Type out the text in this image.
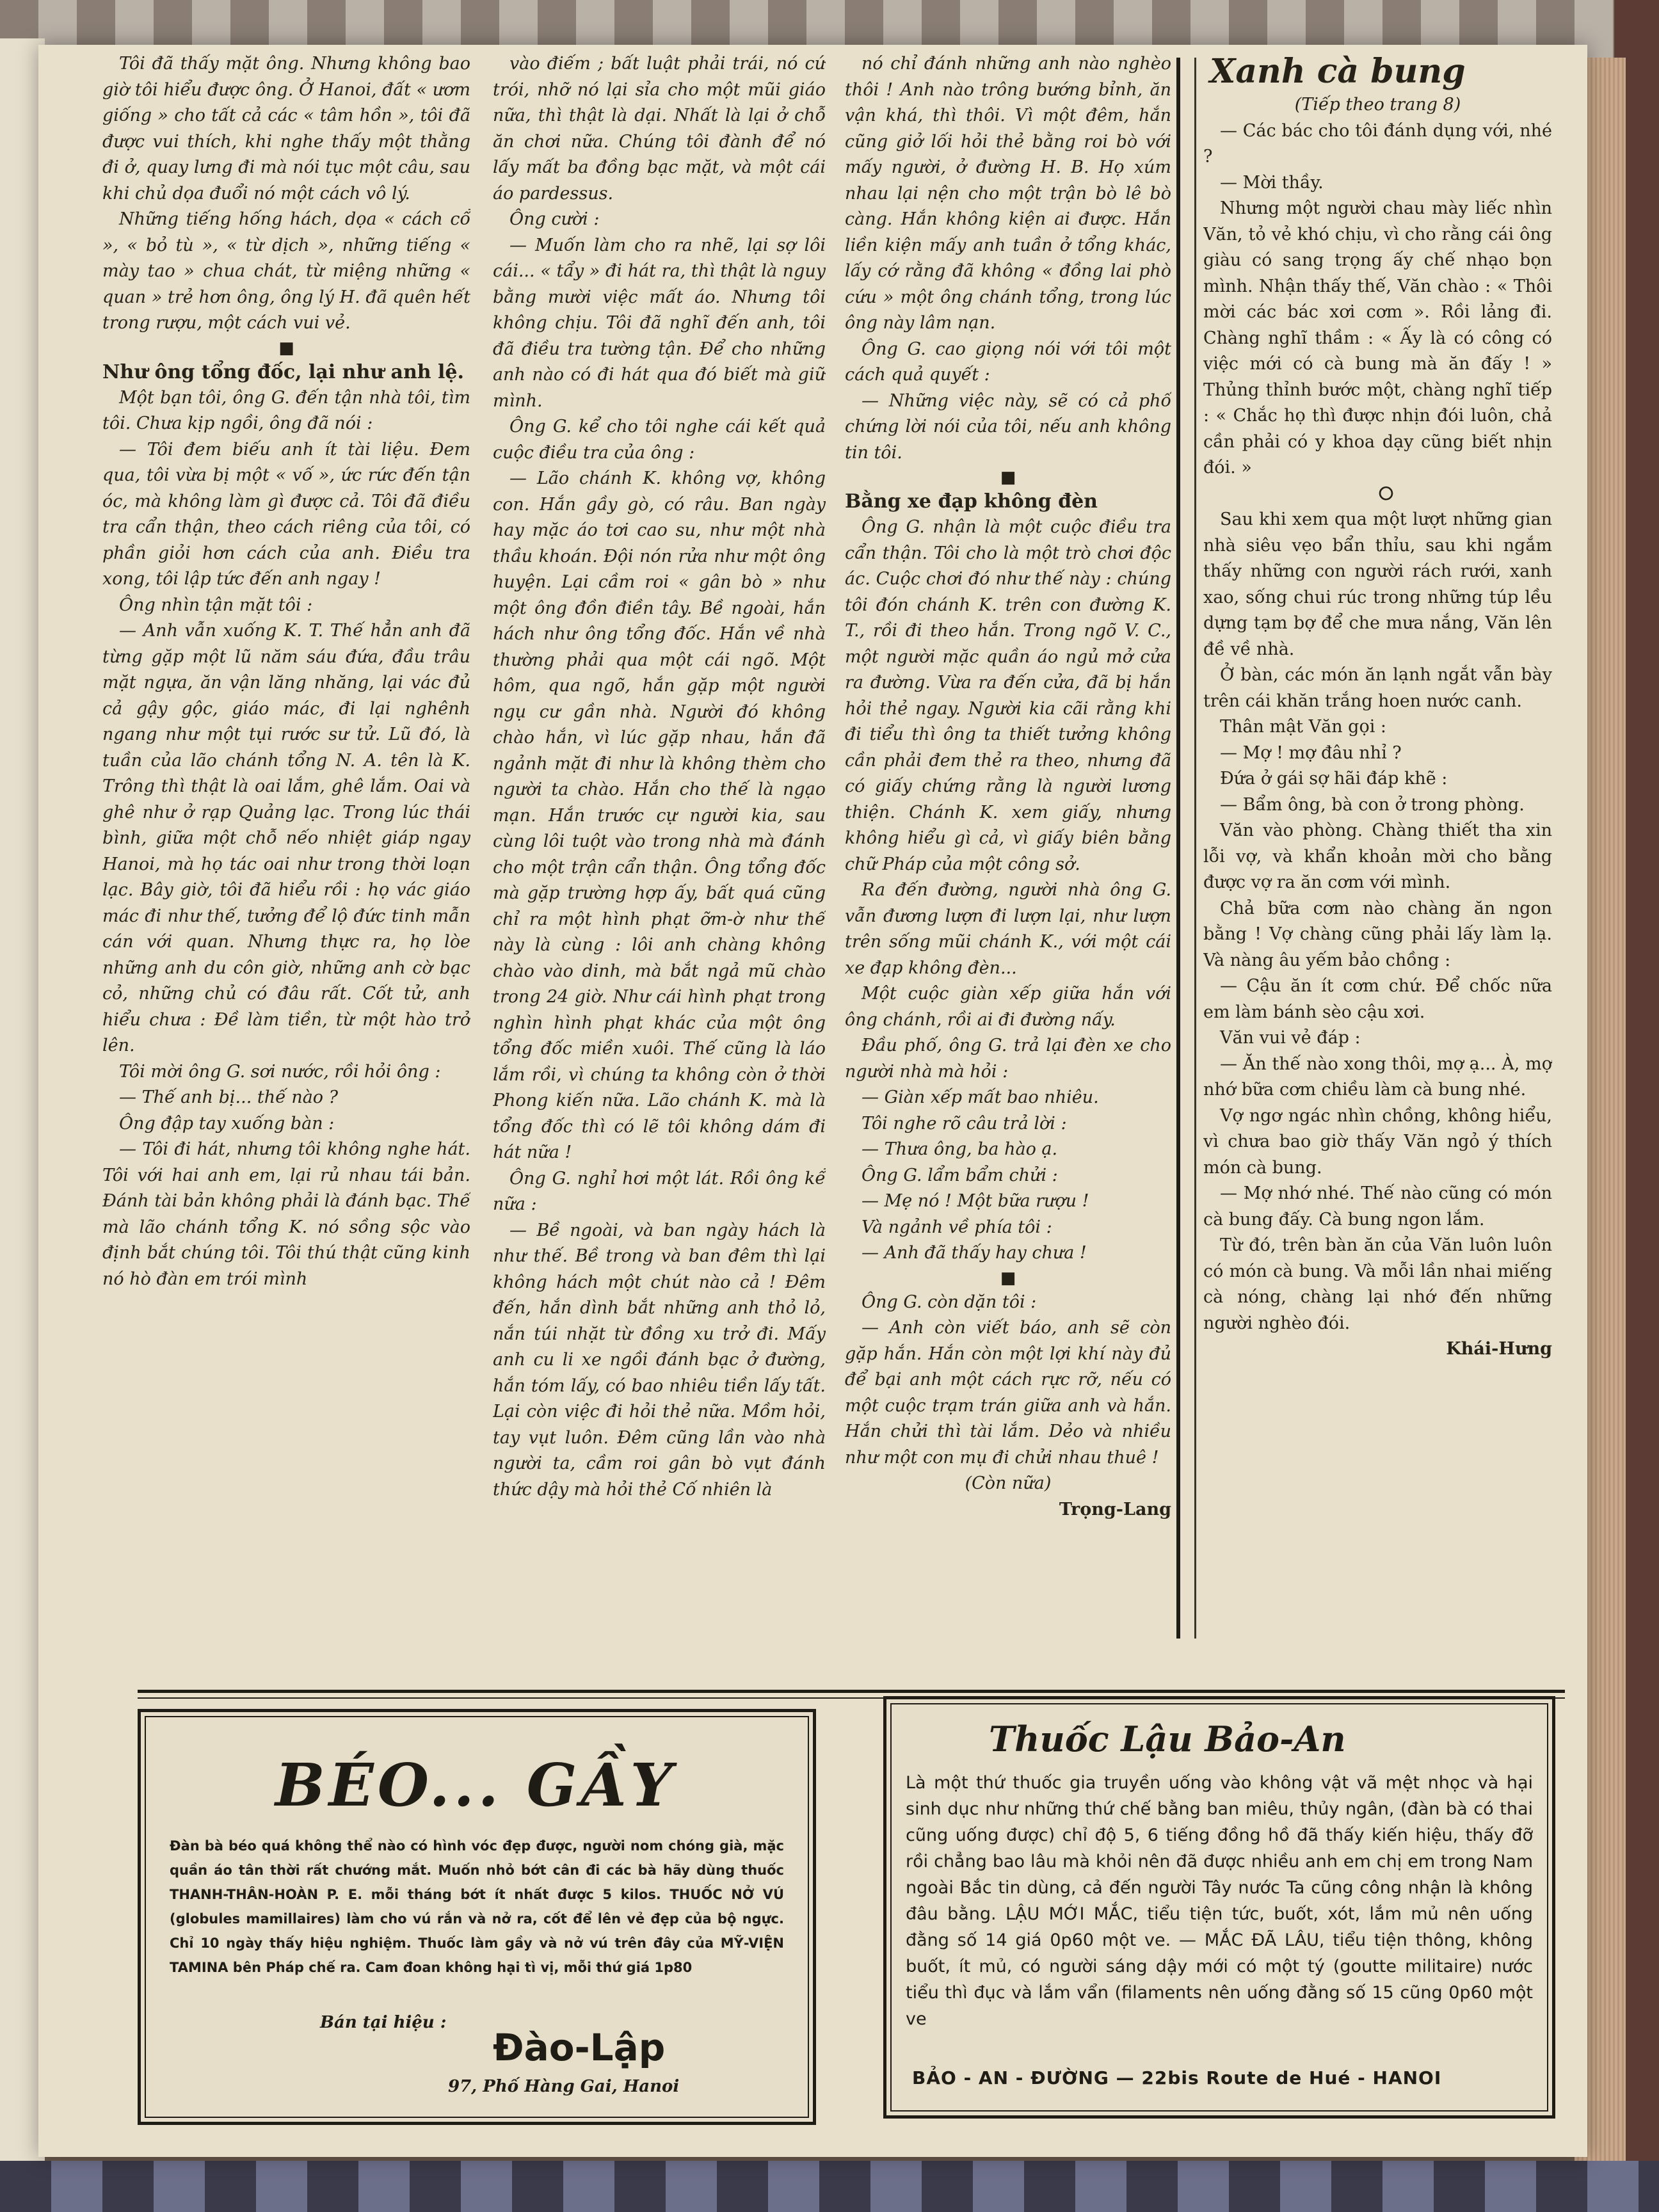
Tôi đã thấy mặt ông. Nhưng không bao giờ tôi hiểu được ông. Ở Hanoi, đất « ươm giống » cho tất cả các « tâm hồn », tôi đã được vui thích, khi nghe thấy một thằng đi ở, quay lưng đi mà nói tục một câu, sau khi chủ dọa đuổi nó một cách vô lý.

Những tiếng hống hách, dọa « cách cổ », « bỏ tù », « từ dịch », những tiếng « mày tao » chua chát, từ miệng những « quan » trẻ hơn ông, ông lý H. đã quên hết trong rượu, một cách vui vẻ.

■

Như ông tổng đốc, lại như anh lệ.

Một bạn tôi, ông G. đến tận nhà tôi, tìm tôi. Chưa kịp ngồi, ông đã nói :

— Tôi đem biếu anh ít tài liệu. Đem qua, tôi vừa bị một « vố », ức rức đến tận óc, mà không làm gì được cả. Tôi đã điều tra cẩn thận, theo cách riêng của tôi, có phần giỏi hơn cách của anh. Điều tra xong, tôi lập tức đến anh ngay !

Ông nhìn tận mặt tôi :

— Anh vẫn xuống K. T. Thế hẳn anh đã từng gặp một lũ năm sáu đứa, đầu trâu mặt ngựa, ăn vận lăng nhăng, lại vác đủ cả gậy gộc, giáo mác, đi lại nghênh ngang như một tụi rước sư tử. Lũ đó, là tuần của lão chánh tổng N. A. tên là K. Trông thì thật là oai lắm, ghê lắm. Oai và ghê như ở rạp Quảng lạc. Trong lúc thái bình, giữa một chỗ nếo nhiệt giáp ngay Hanoi, mà họ tác oai như trong thời loạn lạc. Bây giờ, tôi đã hiểu rồi : họ vác giáo mác đi như thế, tưởng để lộ đức tinh mẫn cán với quan. Nhưng thực ra, họ lòe những anh du côn giờ, những anh cờ bạc cỏ, những chủ có đâu rất. Cốt tử, anh hiểu chưa : Đề làm tiền, từ một hào trở lên.

Tôi mời ông G. sơi nước, rồi hỏi ông :

— Thế anh bị... thế nào ?

Ông đập tay xuống bàn :

— Tôi đi hát, nhưng tôi không nghe hát. Tôi với hai anh em, lại rủ nhau tái bản. Đánh tài bản không phải là đánh bạc. Thế mà lão chánh tổng K. nó sồng sộc vào định bắt chúng tôi. Tôi thú thật cũng kinh nó hò đàn em trói mình

vào điếm ; bất luật phải trái, nó cứ trói, nhỡ nó lại sỉa cho một mũi giáo nữa, thì thật là dại. Nhất là lại ở chỗ ăn chơi nữa. Chúng tôi đành để nó lấy mất ba đồng bạc mặt, và một cái áo pardessus.

Ông cười :

— Muốn làm cho ra nhẽ, lại sợ lôi cái... « tẩy » đi hát ra, thì thật là nguy bằng mười việc mất áo. Nhưng tôi không chịu. Tôi đã nghĩ đến anh, tôi đã điều tra tường tận. Để cho những anh nào có đi hát qua đó biết mà giữ mình.

Ông G. kể cho tôi nghe cái kết quả cuộc điều tra của ông :

— Lão chánh K. không vợ, không con. Hắn gầy gò, có râu. Ban ngày hay mặc áo tơi cao su, như một nhà thầu khoán. Đội nón rửa như một ông huyện. Lại cầm roi « gân bò » như một ông đồn điền tây. Bề ngoài, hắn hách như ông tổng đốc. Hắn về nhà thường phải qua một cái ngõ. Một hôm, qua ngõ, hắn gặp một người ngụ cư gần nhà. Người đó không chào hắn, vì lúc gặp nhau, hắn đã ngảnh mặt đi như là không thèm cho người ta chào. Hắn cho thế là ngạo mạn. Hắn trước cự người kia, sau cùng lôi tuột vào trong nhà mà đánh cho một trận cẩn thận. Ông tổng đốc mà gặp trường hợp ấy, bất quá cũng chỉ ra một hình phạt ỡm-ờ như thế này là cùng : lôi anh chàng không chào vào dinh, mà bắt ngả mũ chào trong 24 giờ. Như cái hình phạt trong nghìn hình phạt khác của một ông tổng đốc miền xuôi. Thế cũng là láo lắm rồi, vì chúng ta không còn ở thời Phong kiến nữa. Lão chánh K. mà là tổng đốc thì có lẽ tôi không dám đi hát nữa !

Ông G. nghỉ hơi một lát. Rồi ông kể nữa :

— Bề ngoài, và ban ngày hách là như thế. Bề trong và ban đêm thì lại không hách một chút nào cả ! Đêm đến, hắn dình bắt những anh thỏ lỏ, nắn túi nhặt từ đồng xu trở đi. Mấy anh cu li xe ngồi đánh bạc ở đường, hắn tóm lấy, có bao nhiêu tiền lấy tất. Lại còn việc đi hỏi thẻ nữa. Mồm hỏi, tay vụt luôn. Đêm cũng lần vào nhà người ta, cầm roi gân bò vụt đánh thức dậy mà hỏi thẻ Cố nhiên là

nó chỉ đánh những anh nào nghèo thôi ! Anh nào trông bướng bỉnh, ăn vận khá, thì thôi. Vì một đêm, hắn cũng giở lối hỏi thẻ bằng roi bò với mấy người, ở đường H. B. Họ xúm nhau lại nện cho một trận bò lê bò càng. Hắn không kiện ai được. Hắn liền kiện mấy anh tuần ở tổng khác, lấy cớ rằng đã không « đồng lai phò cứu » một ông chánh tổng, trong lúc ông này lâm nạn.

Ông G. cao giọng nói với tôi một cách quả quyết :

— Những việc này, sẽ có cả phố chứng lời nói của tôi, nếu anh không tin tôi.

■

Bằng xe đạp không đèn

Ông G. nhận là một cuộc điều tra cẩn thận. Tôi cho là một trò chơi độc ác. Cuộc chơi đó như thế này : chúng tôi đón chánh K. trên con đường K. T., rồi đi theo hắn. Trong ngõ V. C., một người mặc quần áo ngủ mở cửa ra đường. Vừa ra đến cửa, đã bị hắn hỏi thẻ ngay. Người kia cãi rằng khi đi tiểu thì ông ta thiết tưởng không cần phải đem thẻ ra theo, nhưng đã có giấy chứng rằng là người lương thiện. Chánh K. xem giấy, nhưng không hiểu gì cả, vì giấy biên bằng chữ Pháp của một công sở.

Ra đến đường, người nhà ông G. vẫn đương lượn đi lượn lại, như lượn trên sống mũi chánh K., với một cái xe đạp không đèn...

Một cuộc giàn xếp giữa hắn với ông chánh, rồi ai đi đường nấy.

Đầu phố, ông G. trả lại đèn xe cho người nhà mà hỏi :

— Giàn xếp mất bao nhiêu.

Tôi nghe rõ câu trả lời :

— Thưa ông, ba hào ạ.

Ông G. lẩm bẩm chửi :

— Mẹ nó ! Một bữa rượu !

Và ngảnh về phía tôi :

— Anh đã thấy hay chưa !

■

Ông G. còn dặn tôi :

— Anh còn viết báo, anh sẽ còn gặp hắn. Hắn còn một lợi khí này đủ để bại anh một cách rực rỡ, nếu có một cuộc trạm trán giữa anh và hắn. Hắn chửi thì tài lắm. Dẻo và nhiều như một con mụ đi chửi nhau thuê !

(Còn nữa)

Trọng-Lang

Xanh cà bung

(Tiếp theo trang 8)

— Các bác cho tôi đánh dụng với, nhé ?

— Mời thầy.

Nhưng một người chau mày liếc nhìn Văn, tỏ vẻ khó chịu, vì cho rằng cái ông giàu có sang trọng ấy chế nhạo bọn mình. Nhận thấy thế, Văn chào : « Thôi mời các bác xơi cơm ». Rồi lảng đi. Chàng nghĩ thầm : « Ấy là có công có việc mới có cà bung mà ăn đấy ! » Thủng thỉnh bước một, chàng nghĩ tiếp : « Chắc họ thì được nhịn đói luôn, chả cần phải có y khoa dạy cũng biết nhịn đói. »

⭘

Sau khi xem qua một lượt những gian nhà siêu vẹo bẩn thỉu, sau khi ngắm thấy những con người rách rưới, xanh xao, sống chui rúc trong những túp lều dựng tạm bợ để che mưa nắng, Văn lên đề về nhà.

Ở bàn, các món ăn lạnh ngắt vẫn bày trên cái khăn trắng hoen nước canh.

Thân mật Văn gọi :

— Mợ ! mợ đâu nhỉ ?

Đứa ở gái sợ hãi đáp khẽ :

— Bẩm ông, bà con ở trong phòng.

Văn vào phòng. Chàng thiết tha xin lỗi vợ, và khẩn khoản mời cho bằng được vợ ra ăn cơm với mình.

Chả bữa cơm nào chàng ăn ngon bằng ! Vợ chàng cũng phải lấy làm lạ. Và nàng âu yếm bảo chồng :

— Cậu ăn ít cơm chứ. Để chốc nữa em làm bánh sèo cậu xơi.

Văn vui vẻ đáp :

— Ăn thế nào xong thôi, mợ ạ... À, mợ nhớ bữa cơm chiều làm cà bung nhé.

Vợ ngơ ngác nhìn chồng, không hiểu, vì chưa bao giờ thấy Văn ngỏ ý thích món cà bung.

— Mợ nhớ nhé. Thế nào cũng có món cà bung đấy. Cà bung ngon lắm.

Từ đó, trên bàn ăn của Văn luôn luôn có món cà bung. Và mỗi lần nhai miếng cà nóng, chàng lại nhớ đến những người nghèo đói.

Khái-Hưng

BÉO... GẦY
Đàn bà béo quá không thể nào có hình vóc đẹp được, người nom chóng già, mặc quần áo tân thời rất chướng mắt. Muốn nhỏ bớt cân đi các bà hãy dùng thuốc THANH-THÂN-HOÀN P. E. mỗi tháng bớt ít nhất được 5 kilos. THUỐC NỞ VÚ (globules mamillaires) làm cho vú rắn và nở ra, cốt để lên vẻ đẹp của bộ ngực. Chỉ 10 ngày thấy hiệu nghiệm. Thuốc làm gầy và nở vú trên đây của MỸ-VIỆN TAMINA bên Pháp chế ra. Cam đoan không hại tì vị, mỗi thứ giá 1p80
Bán tại hiệu :
Đào-Lập
97, Phố Hàng Gai, Hanoi
Thuốc Lậu Bảo-An
Là một thứ thuốc gia truyền uống vào không vật vã mệt nhọc và hại sinh dục như những thứ chế bằng ban miêu, thủy ngân, (đàn bà có thai cũng uống được) chỉ độ 5, 6 tiếng đồng hồ đã thấy kiến hiệu, thấy đỡ rồi chẳng bao lâu mà khỏi nên đã được nhiều anh em chị em trong Nam ngoài Bắc tin dùng, cả đến người Tây nước Ta cũng công nhận là không đâu bằng. LẬU MỚI MẮC, tiểu tiện tức, buốt, xót, lắm mủ nên uống đằng số 14 giá 0p60 một ve. — MẮC ĐÃ LÂU, tiểu tiện thông, không buốt, ít mủ, có người sáng dậy mới có một tý (goutte militaire) nước tiểu thì đục và lắm vẩn (filaments nên uống đằng số 15 cũng 0p60 một ve
BẢO - AN - ĐƯỜNG — 22bis Route de Hué - HANOI
